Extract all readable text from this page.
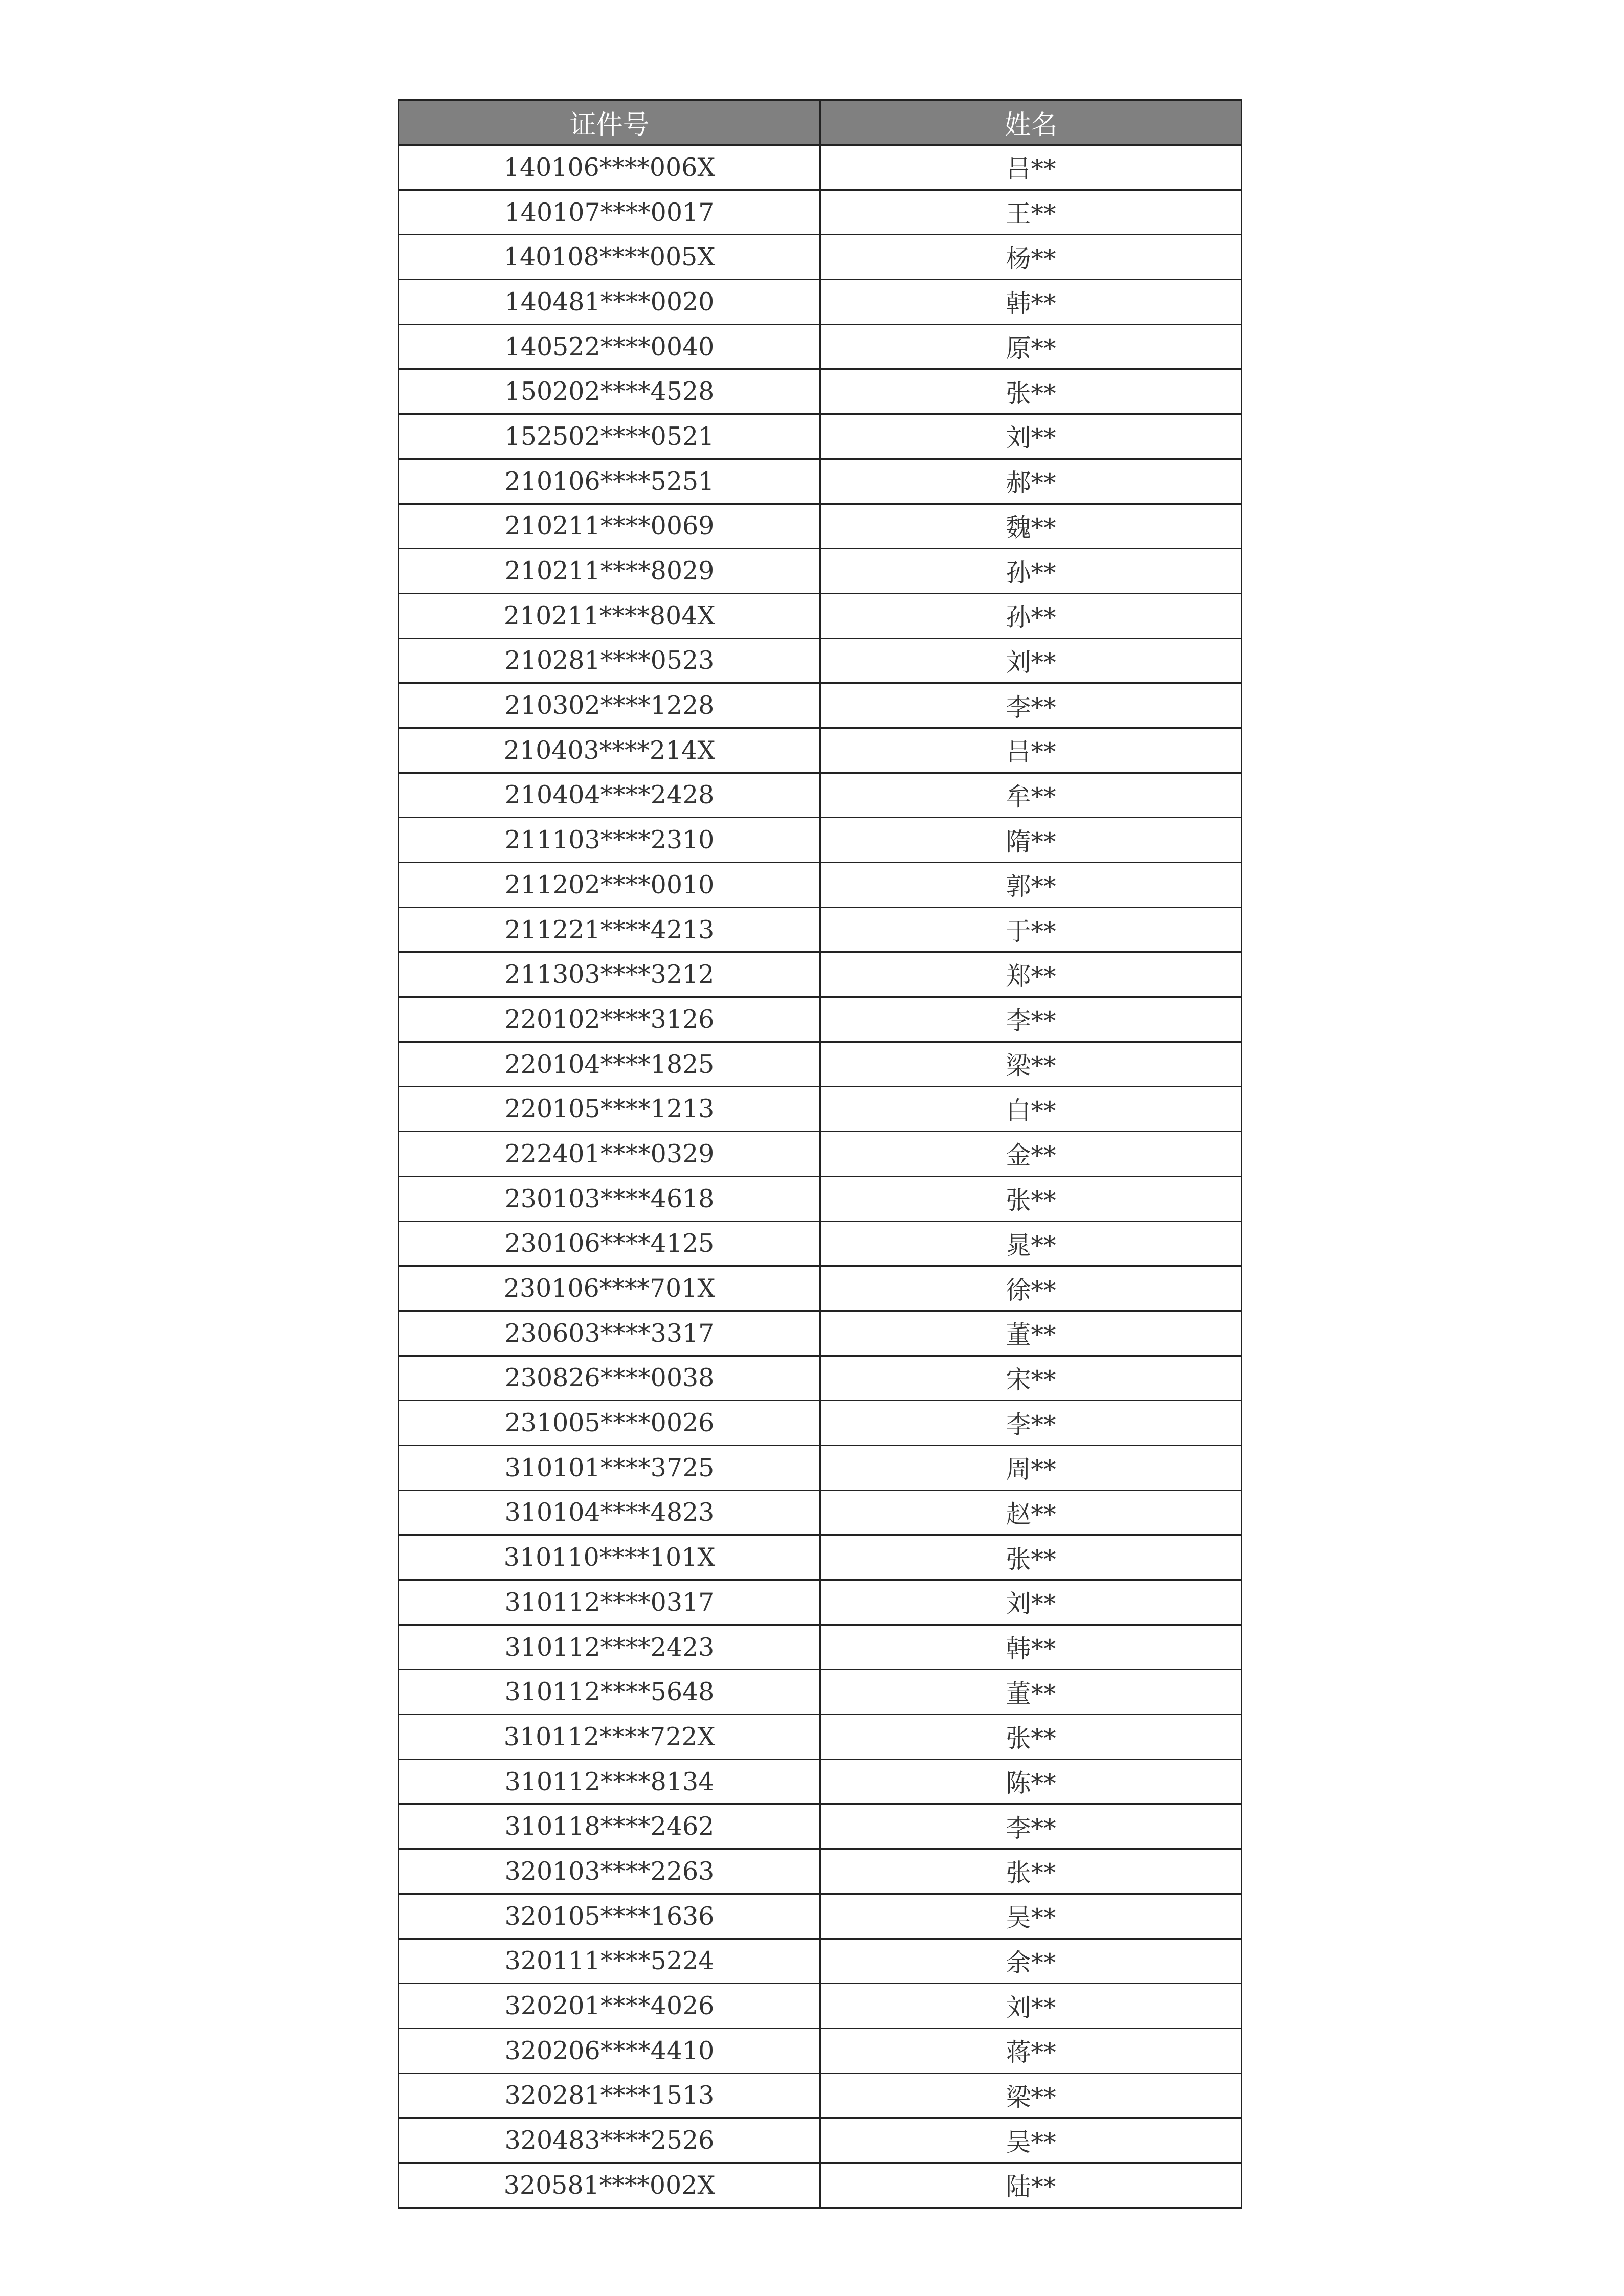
证件号	姓名
140106****006X	吕**
140107****0017	王**
140108****005X	杨**
140481****0020	韩**
140522****0040	原**
150202****4528	张**
152502****0521	刘**
210106****5251	郝**
210211****0069	魏**
210211****8029	孙**
210211****804X	孙**
210281****0523	刘**
210302****1228	李**
210403****214X	吕**
210404****2428	牟**
211103****2310	隋**
211202****0010	郭**
211221****4213	于**
211303****3212	郑**
220102****3126	李**
220104****1825	梁**
220105****1213	白**
222401****0329	金**
230103****4618	张**
230106****4125	晁**
230106****701X	徐**
230603****3317	董**
230826****0038	宋**
231005****0026	李**
310101****3725	周**
310104****4823	赵**
310110****101X	张**
310112****0317	刘**
310112****2423	韩**
310112****5648	董**
310112****722X	张**
310112****8134	陈**
310118****2462	李**
320103****2263	张**
320105****1636	吴**
320111****5224	余**
320201****4026	刘**
320206****4410	蒋**
320281****1513	梁**
320483****2526	吴**
320581****002X	陆**
